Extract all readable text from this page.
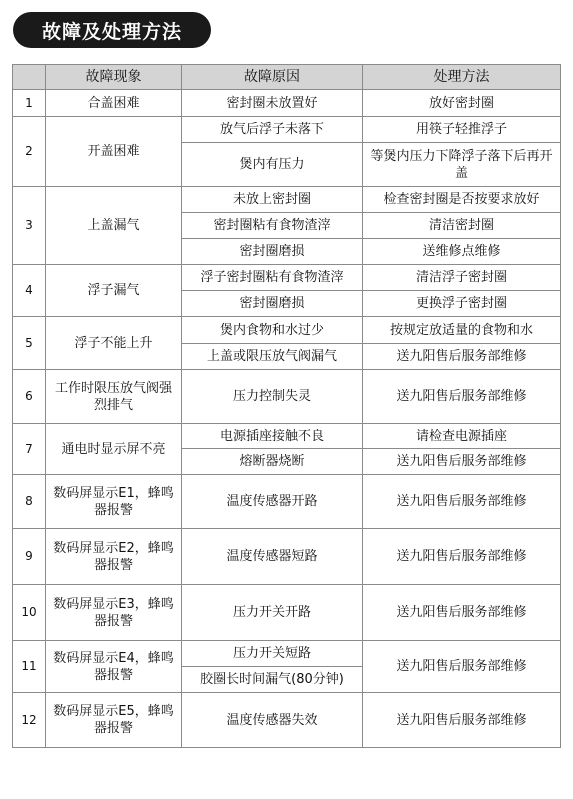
故障及处理方法
	故障现象	故障原因	处理方法
1	合盖困难	密封圈未放置好	放好密封圈
2	开盖困难	放气后浮子未落下	用筷子轻推浮子
		煲内有压力	等煲内压力下降浮子落下后再开盖
3	上盖漏气	未放上密封圈	检查密封圈是否按要求放好
		密封圈粘有食物渣滓	清洁密封圈
		密封圈磨损	送维修点维修
4	浮子漏气	浮子密封圈粘有食物渣滓	清洁浮子密封圈
		密封圈磨损	更换浮子密封圈
5	浮子不能上升	煲内食物和水过少	按规定放适量的食物和水
		上盖或限压放气阀漏气	送九阳售后服务部维修
6	工作时限压放气阀强烈排气	压力控制失灵	送九阳售后服务部维修
7	通电时显示屏不亮	电源插座接触不良	请检查电源插座
		熔断器烧断	送九阳售后服务部维修
8	数码屏显示E1，蜂鸣器报警	温度传感器开路	送九阳售后服务部维修
9	数码屏显示E2，蜂鸣器报警	温度传感器短路	送九阳售后服务部维修
10	数码屏显示E3，蜂鸣器报警	压力开关开路	送九阳售后服务部维修
11	数码屏显示E4，蜂鸣器报警	压力开关短路	送九阳售后服务部维修
		胶圈长时间漏气(80分钟)	
12	数码屏显示E5，蜂鸣器报警	温度传感器失效	送九阳售后服务部维修
